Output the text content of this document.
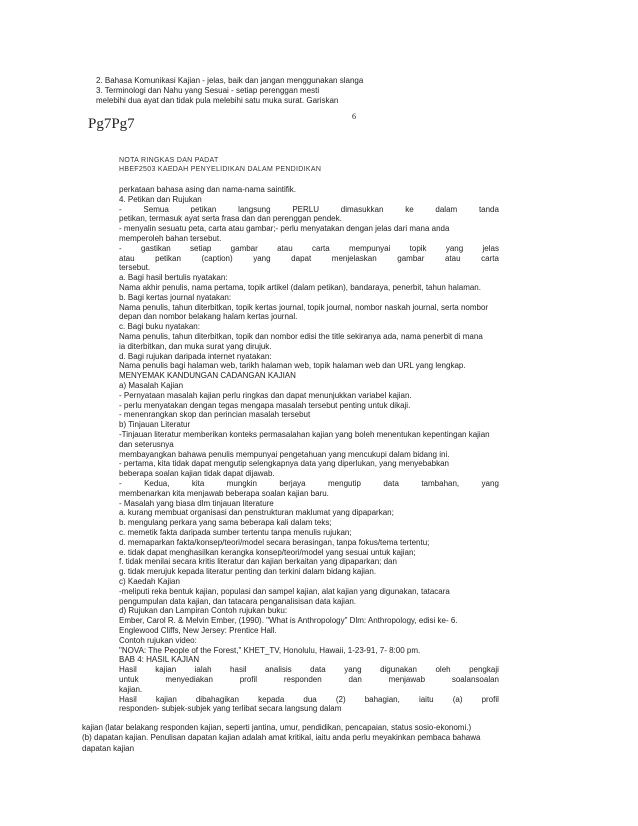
2. Bahasa Komunikasi Kajian - jelas, baik dan jangan menggunakan slanga
3. Terminologi dan Nahu yang Sesuai - setiap perenggan mesti
melebihi dua ayat dan tidak pula melebihi satu muka surat. Gariskan
6
Pg7Pg7
NOTA RINGKAS DAN PADAT
HBEF2503 KAEDAH PENYELIDIKAN DALAM PENDIDIKAN
perkataan bahasa asing dan nama-nama saintifik.
4. Petikan dan Rujukan
-	Semua	petikan	langsung	PERLU	dimasukkan	ke	dalam	tanda
petikan, termasuk ayat serta frasa dan dan perenggan pendek.
- menyalin sesuatu peta, carta atau gambar;- perlu menyatakan dengan jelas dari mana anda
memperoleh bahan tersebut.
- gastikan setiap gambar atau carta mempunyai topik yang jelas
atau	petikan	(caption)	yang	dapat	menjelaskan	gambar	atau	carta
tersebut.
a. Bagi hasil bertulis nyatakan:
Nama akhir penulis, nama pertama, topik artikel (dalam petikan), bandaraya, penerbit, tahun halaman.
b. Bagi kertas journal nyatakan:
Nama penulis, tahun diterbitkan, topik kertas journal, topik journal, nombor naskah journal, serta nombor
depan dan nombor belakang halam kertas journal.
c. Bagi buku nyatakan:
Nama penulis, tahun diterbitkan, topik dan nombor edisi the title sekiranya ada, nama penerbit di mana
ia diterbitkan, dan muka surat yang dirujuk.
d. Bagi rujukan daripada internet nyatakan:
Nama penulis bagi halaman web, tarikh halaman web, topik halaman web dan URL yang lengkap.
MENYEMAK KANDUNGAN CADANGAN KAJIAN
a) Masalah Kajian
- Pernyataan masalah kajian perlu ringkas dan dapat menunjukkan variabel kajian.
- perlu menyatakan dengan tegas mengapa masalah tersebut penting untuk dikaji.
- menenrangkan skop dan perincian masalah tersebut
b) Tinjauan Literatur
-Tinjauan literatur memberikan konteks permasalahan kajian yang boleh menentukan kepentingan kajian
dan seterusnya
membayangkan bahawa penulis mempunyai pengetahuan yang mencukupi dalam bidang ini.
- pertama, kita tidak dapat mengutip selengkapnya data yang diperlukan, yang menyebabkan
beberapa soalan kajian tidak dapat dijawab.
-	Kedua,	kita	mungkin	berjaya	mengutip	data	tambahan,	yang
membenarkan kita menjawab beberapa soalan kajian baru.
- Masalah yang biasa dlm tinjauan literature
a. kurang membuat organisasi dan penstrukturan maklumat yang dipaparkan;
b. mengulang perkara yang sama beberapa kali dalam teks;
c. memetik fakta daripada sumber tertentu tanpa menulis rujukan;
d. memaparkan fakta/konsep/teori/model secara berasingan, tanpa fokus/tema tertentu;
e. tidak dapat menghasilkan kerangka konsep/teori/model yang sesuai untuk kajian;
f. tidak menilai secara kritis literatur dan kajian berkaitan yang dipaparkan; dan
g. tidak merujuk kepada literatur penting dan terkini dalam bidang kajian.
c) Kaedah Kajian
-meliputi reka bentuk kajian, populasi dan sampel kajian, alat kajian yang digunakan, tatacara
pengumpulan data kajian, dan tatacara penganalisisan data kajian.
d) Rujukan dan Lampiran Contoh rujukan buku:
Ember, Carol R. & Melvin Ember, (1990). "What is Anthropology" Dlm: Anthropology, edisi ke- 6.
Englewood Cliffs, New Jersey: Prentice Hall.
Contoh rujukan video:
"NOVA: The People of the Forest," KHET_TV, Honolulu, Hawaii, 1-23-91, 7- 8:00 pm.
BAB 4: HASIL KAJIAN
Hasil kajian ialah hasil analisis data yang digunakan oleh pengkaji
untuk	menyediakan	profil	responden	dan	menjawab	soalansoalan
kajian.
Hasil kajian dibahagikan kepada dua (2) bahagian, iaitu (a) profil
responden- subjek-subjek yang terlibat secara langsung dalam
kajian (latar belakang responden kajian, seperti jantina, umur, pendidikan, pencapaian, status sosio-ekonomi.)
(b) dapatan kajian. Penulisan dapatan kajian adalah amat kritikal, iaitu anda perlu meyakinkan pembaca bahawa
dapatan kajian
